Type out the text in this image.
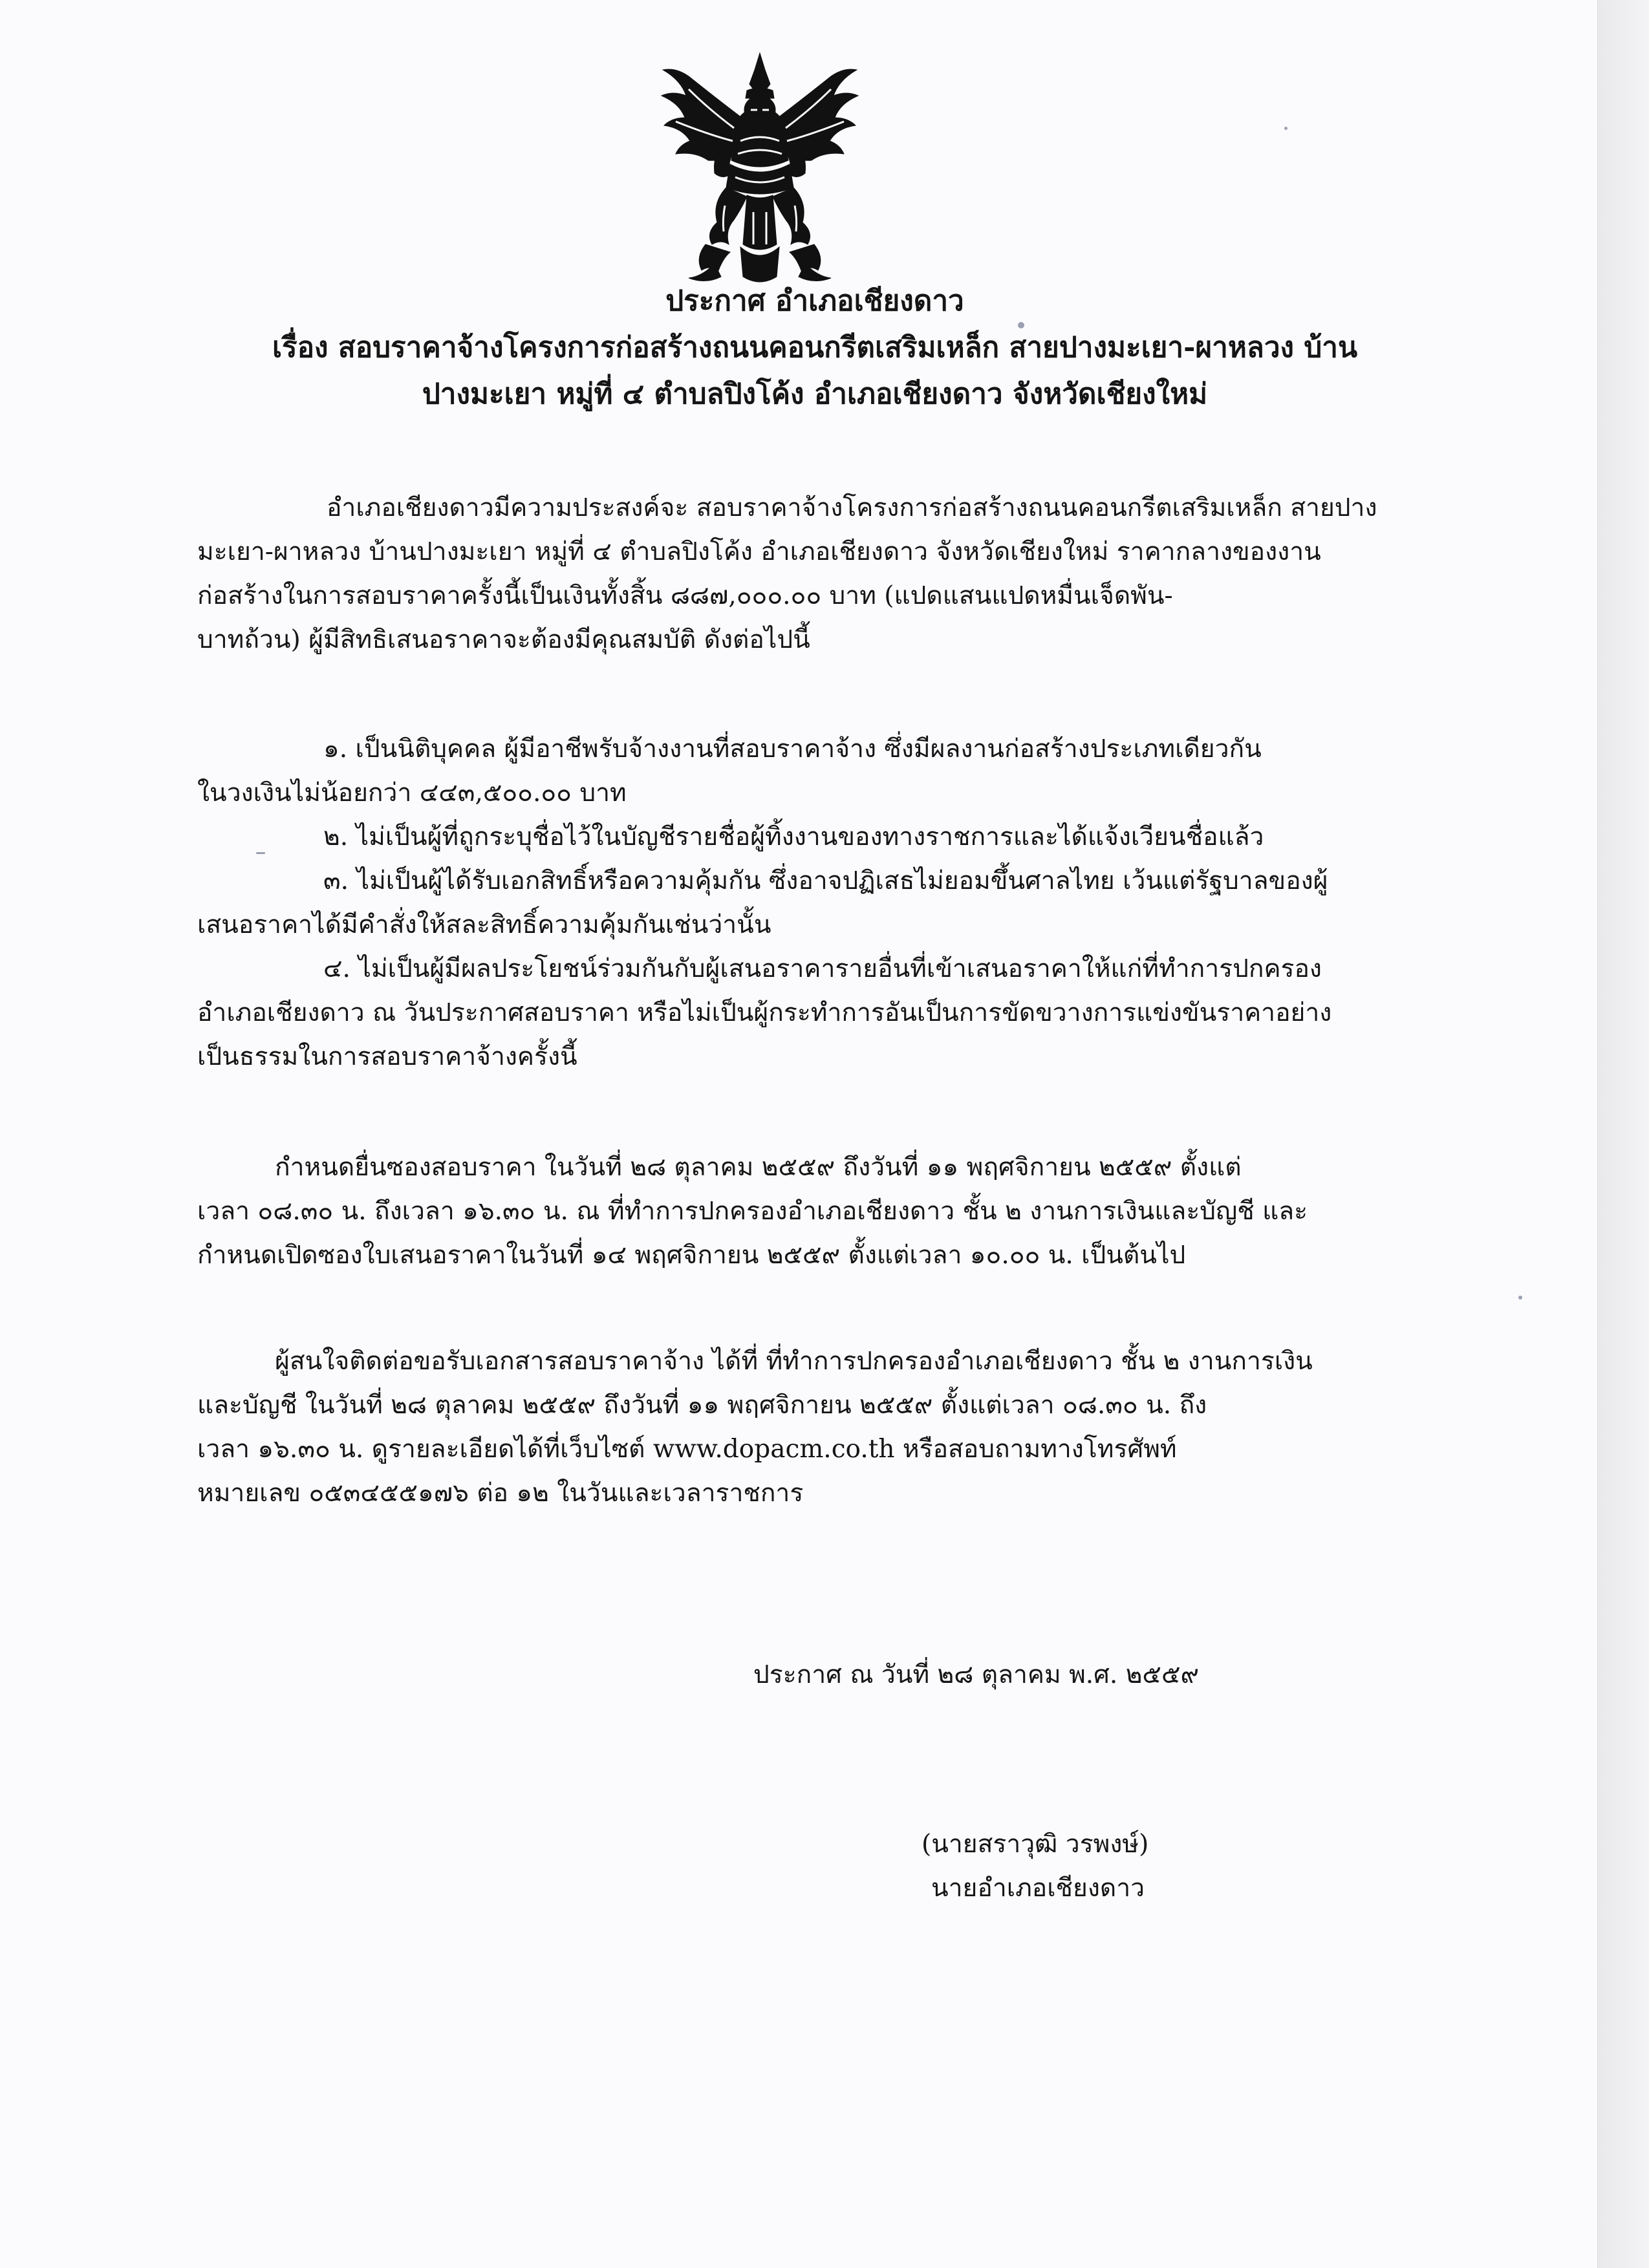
ประกาศ อำเภอเชียงดาว
เรื่อง สอบราคาจ้างโครงการก่อสร้างถนนคอนกรีตเสริมเหล็ก สายปางมะเยา-ผาหลวง บ้าน
ปางมะเยา หมู่ที่ ๔ ตำบลปิงโค้ง อำเภอเชียงดาว จังหวัดเชียงใหม่
อำเภอเชียงดาวมีความประสงค์จะ สอบราคาจ้างโครงการก่อสร้างถนนคอนกรีตเสริมเหล็ก สายปาง
มะเยา-ผาหลวง บ้านปางมะเยา หมู่ที่ ๔ ตำบลปิงโค้ง อำเภอเชียงดาว จังหวัดเชียงใหม่ ราคากลางของงาน
ก่อสร้างในการสอบราคาครั้งนี้เป็นเงินทั้งสิ้น ๘๘๗,๐๐๐.๐๐ บาท (แปดแสนแปดหมื่นเจ็ดพัน-
บาทถ้วน) ผู้มีสิทธิเสนอราคาจะต้องมีคุณสมบัติ ดังต่อไปนี้
๑. เป็นนิติบุคคล ผู้มีอาชีพรับจ้างงานที่สอบราคาจ้าง ซึ่งมีผลงานก่อสร้างประเภทเดียวกัน
ในวงเงินไม่น้อยกว่า ๔๔๓,๕๐๐.๐๐ บาท
๒. ไม่เป็นผู้ที่ถูกระบุชื่อไว้ในบัญชีรายชื่อผู้ทิ้งงานของทางราชการและได้แจ้งเวียนชื่อแล้ว
๓. ไม่เป็นผู้ได้รับเอกสิทธิ์หรือความคุ้มกัน ซึ่งอาจปฏิเสธไม่ยอมขึ้นศาลไทย เว้นแต่รัฐบาลของผู้
เสนอราคาได้มีคำสั่งให้สละสิทธิ์ความคุ้มกันเช่นว่านั้น
๔. ไม่เป็นผู้มีผลประโยชน์ร่วมกันกับผู้เสนอราคารายอื่นที่เข้าเสนอราคาให้แก่ที่ทำการปกครอง
อำเภอเชียงดาว ณ วันประกาศสอบราคา หรือไม่เป็นผู้กระทำการอันเป็นการขัดขวางการแข่งขันราคาอย่าง
เป็นธรรมในการสอบราคาจ้างครั้งนี้
กำหนดยื่นซองสอบราคา ในวันที่ ๒๘ ตุลาคม ๒๕๕๙ ถึงวันที่ ๑๑ พฤศจิกายน ๒๕๕๙ ตั้งแต่
เวลา ๐๘.๓๐ น. ถึงเวลา ๑๖.๓๐ น. ณ ที่ทำการปกครองอำเภอเชียงดาว ชั้น ๒ งานการเงินและบัญชี และ
กำหนดเปิดซองใบเสนอราคาในวันที่ ๑๔ พฤศจิกายน ๒๕๕๙ ตั้งแต่เวลา ๑๐.๐๐ น. เป็นต้นไป
ผู้สนใจติดต่อขอรับเอกสารสอบราคาจ้าง ได้ที่ ที่ทำการปกครองอำเภอเชียงดาว ชั้น ๒ งานการเงิน
และบัญชี ในวันที่ ๒๘ ตุลาคม ๒๕๕๙ ถึงวันที่ ๑๑ พฤศจิกายน ๒๕๕๙ ตั้งแต่เวลา ๐๘.๓๐ น. ถึง
เวลา ๑๖.๓๐ น. ดูรายละเอียดได้ที่เว็บไซต์ www.dopacm.co.th หรือสอบถามทางโทรศัพท์
หมายเลข ๐๕๓๔๕๕๑๗๖ ต่อ ๑๒ ในวันและเวลาราชการ
ประกาศ ณ วันที่ ๒๘ ตุลาคม พ.ศ. ๒๕๕๙
(นายสราวุฒิ วรพงษ์)
นายอำเภอเชียงดาว
